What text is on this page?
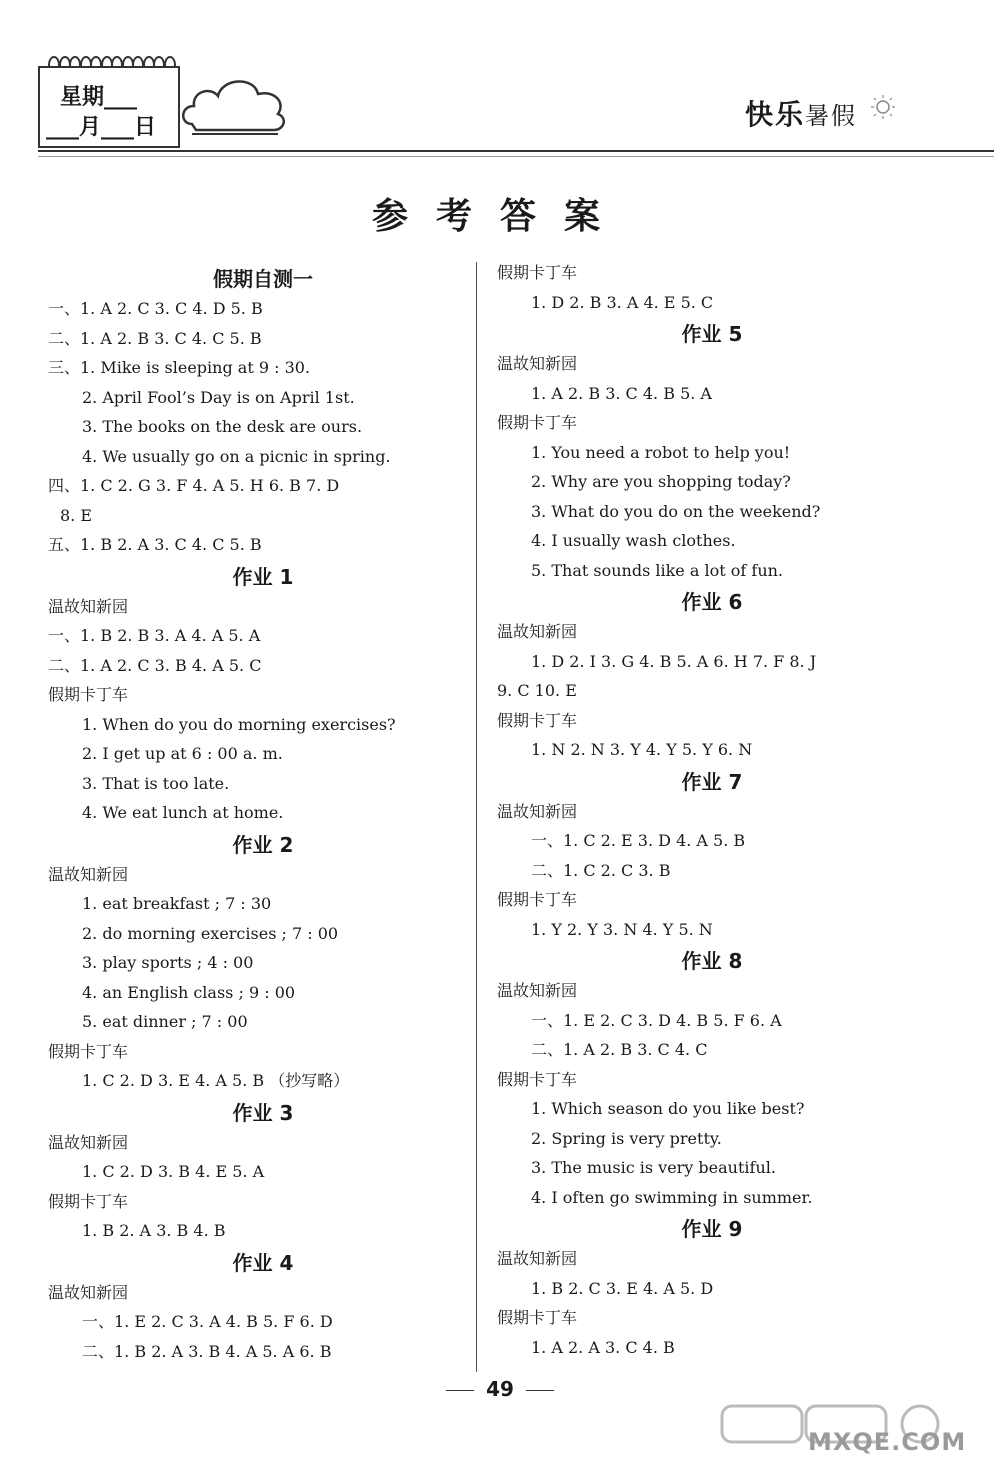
星期___
___月___日	快乐暑假
参考答案
假期自测一
一、1. A 2. C 3. C 4. D 5. B
二、1. A 2. B 3. C 4. C 5. B
三、1. Mike is sleeping at 9 : 30.
2. April Fool’s Day is on April 1st.
3. The books on the desk are ours.
4. We usually go on a picnic in spring.
四、1. C 2. G 3. F 4. A 5. H 6. B 7. D
8. E
五、1. B 2. A 3. C 4. C 5. B
作业 1
温故知新园
一、1. B 2. B 3. A 4. A 5. A
二、1. A 2. C 3. B 4. A 5. C
假期卡丁车
1. When do you do morning exercises?
2. I get up at 6 : 00 a. m.
3. That is too late.
4. We eat lunch at home.
作业 2
温故知新园
1. eat breakfast ; 7 : 30
2. do morning exercises ; 7 : 00
3. play sports ; 4 : 00
4. an English class ; 9 : 00
5. eat dinner ; 7 : 00
假期卡丁车
1. C 2. D 3. E 4. A 5. B （抄写略）
作业 3
温故知新园
1. C 2. D 3. B 4. E 5. A
假期卡丁车
1. B 2. A 3. B 4. B
作业 4
温故知新园
一、1. E 2. C 3. A 4. B 5. F 6. D
二、1. B 2. A 3. B 4. A 5. A 6. B
假期卡丁车
1. D 2. B 3. A 4. E 5. C
作业 5
温故知新园
1. A 2. B 3. C 4. B 5. A
假期卡丁车
1. You need a robot to help you!
2. Why are you shopping today?
3. What do you do on the weekend?
4. I usually wash clothes.
5. That sounds like a lot of fun.
作业 6
温故知新园
1. D 2. I 3. G 4. B 5. A 6. H 7. F 8. J
9. C 10. E
假期卡丁车
1. N 2. N 3. Y 4. Y 5. Y 6. N
作业 7
温故知新园
一、1. C 2. E 3. D 4. A 5. B
二、1. C 2. C 3. B
假期卡丁车
1. Y 2. Y 3. N 4. Y 5. N
作业 8
温故知新园
一、1. E 2. C 3. D 4. B 5. F 6. A
二、1. A 2. B 3. C 4. C
假期卡丁车
1. Which season do you like best?
2. Spring is very pretty.
3. The music is very beautiful.
4. I often go swimming in summer.
作业 9
温故知新园
1. B 2. C 3. E 4. A 5. D
假期卡丁车
1. A 2. A 3. C 4. B
49
MXQE.COM
